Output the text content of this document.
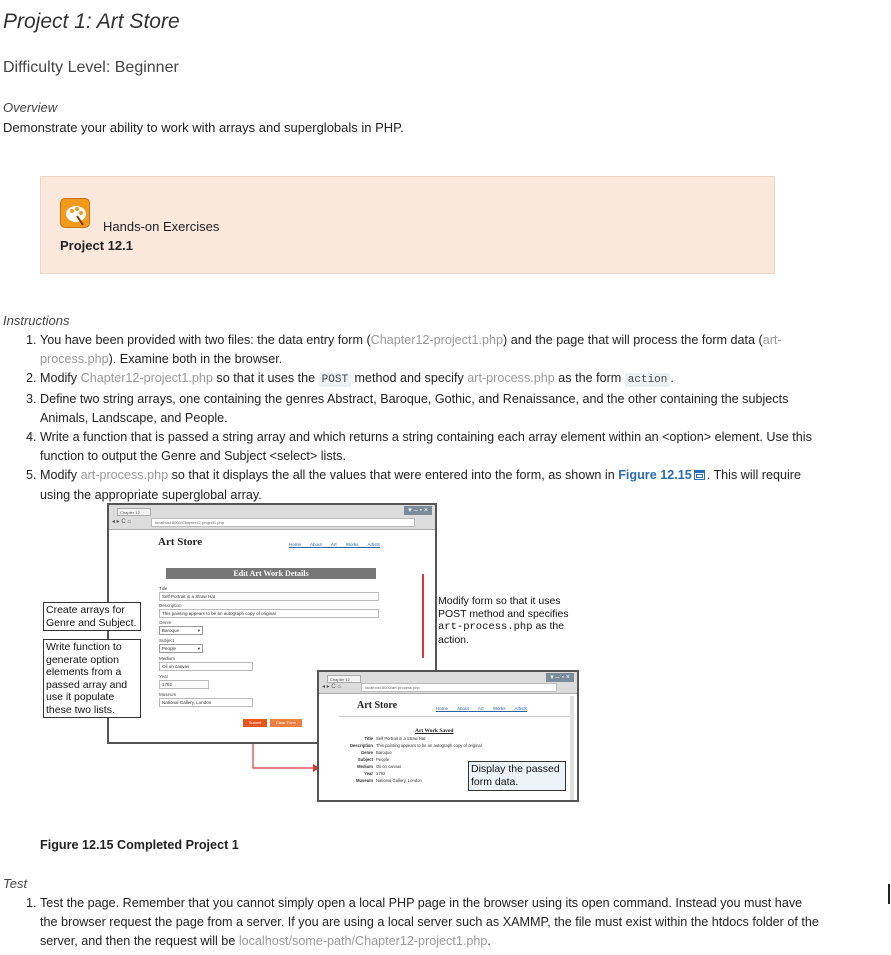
Project 1: Art Store
Difficulty Level: Beginner
Overview
Demonstrate your ability to work with arrays and superglobals in PHP.
Hands-on Exercises
Project 12.1
Instructions
1. You have been provided with two files: the data entry form (Chapter12-project1.php) and the page that will process the form data (art-process.php). Examine both in the browser.
2. Modify Chapter12-project1.php so that it uses the POST method and specify art-process.php as the form action .
3. Define two string arrays, one containing the genres Abstract, Baroque, Gothic, and Renaissance, and the other containing the subjects Animals, Landscape, and People.
4. Write a function that is passed a string array and which returns a string containing each array element within an <option> element. Use this function to output the Genre and Subject <select> lists.
5. Modify art-process.php so that it displays the all the values that were entered into the form, as shown in Figure 12.15 . This will require using the appropriate superglobal array.
Chapter 12
◂ ▸ C ⌂	localhost:8000/Chapter12-project1.php
▾ – ▫ ×
Art Store	Home About Art Works Artists
Edit Art Work Details
Title
Self Portrait in a Straw Hat
Description
This painting appears to be an autograph copy of original
Genre
Baroque	▾
Subject
People	▾
Medium
Oil on canvas
Year
1782
Museum
National Gallery, London
Submit	Clear Form
Create arrays for Genre and Subject.
Write function to generate option elements from a passed array and use it populate these two lists.
Modify form so that it uses POST method and specifies art-process.php as the action.
Chapter 12
◂ ▸ C ⌂	localhost:8000/art-process.php
▾ – ▫ ×
Art Store	Home About Art Works Artists
Art Work Saved
Title Self Portrait in a Straw Hat
Description This painting appears to be an autograph copy of original
Genre Baroque
Subject People
Medium Oil on canvas
Year 1782
Museum National Gallery, London
Display the passed form data.
Figure 12.15 Completed Project 1
Test
1. Test the page. Remember that you cannot simply open a local PHP page in the browser using its open command. Instead you must have the browser request the page from a server. If you are using a local server such as XAMMP, the file must exist within the htdocs folder of the server, and then the request will be localhost/some-path/Chapter12-project1.php.
